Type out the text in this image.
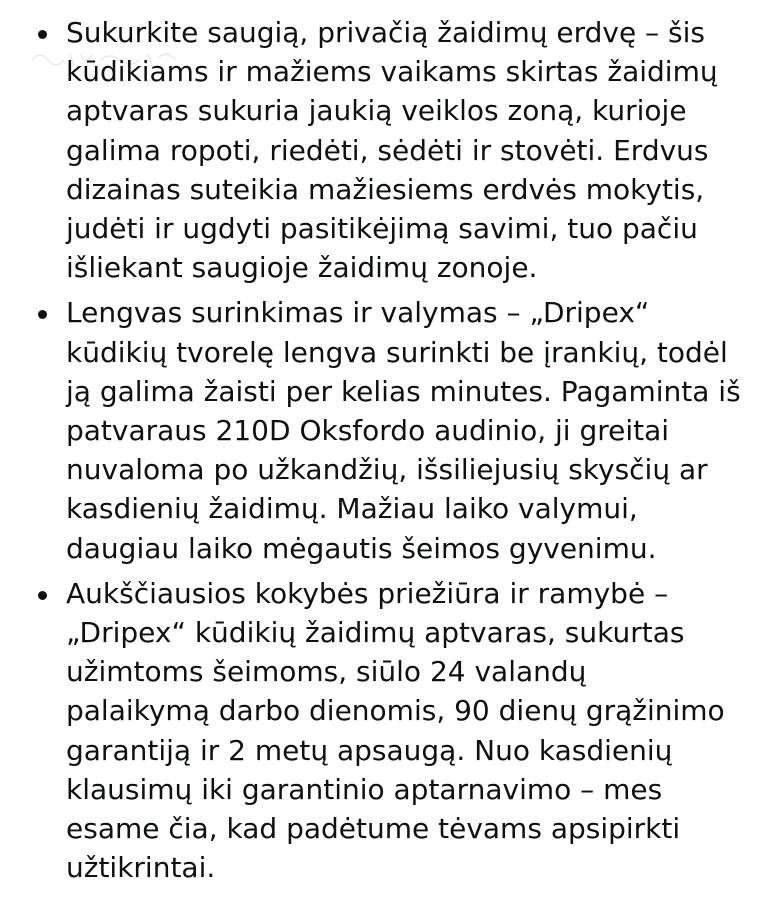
Sukurkite saugią, privačią žaidimų erdvę – šis
kūdikiams ir mažiems vaikams skirtas žaidimų
aptvaras sukuria jaukią veiklos zoną, kurioje
galima ropoti, riedėti, sėdėti ir stovėti. Erdvus
dizainas suteikia mažiesiems erdvės mokytis,
judėti ir ugdyti pasitikėjimą savimi, tuo pačiu
išliekant saugioje žaidimų zonoje.
Lengvas surinkimas ir valymas – „Dripex“
kūdikių tvorelę lengva surinkti be įrankių, todėl
ją galima žaisti per kelias minutes. Pagaminta iš
patvaraus 210D Oksfordo audinio, ji greitai
nuvaloma po užkandžių, išsiliejusių skysčių ar
kasdienių žaidimų. Mažiau laiko valymui,
daugiau laiko mėgautis šeimos gyvenimu.
Aukščiausios kokybės priežiūra ir ramybė –
„Dripex“ kūdikių žaidimų aptvaras, sukurtas
užimtoms šeimoms, siūlo 24 valandų
palaikymą darbo dienomis, 90 dienų grąžinimo
garantiją ir 2 metų apsaugą. Nuo kasdienių
klausimų iki garantinio aptarnavimo – mes
esame čia, kad padėtume tėvams apsipirkti
užtikrintai.
